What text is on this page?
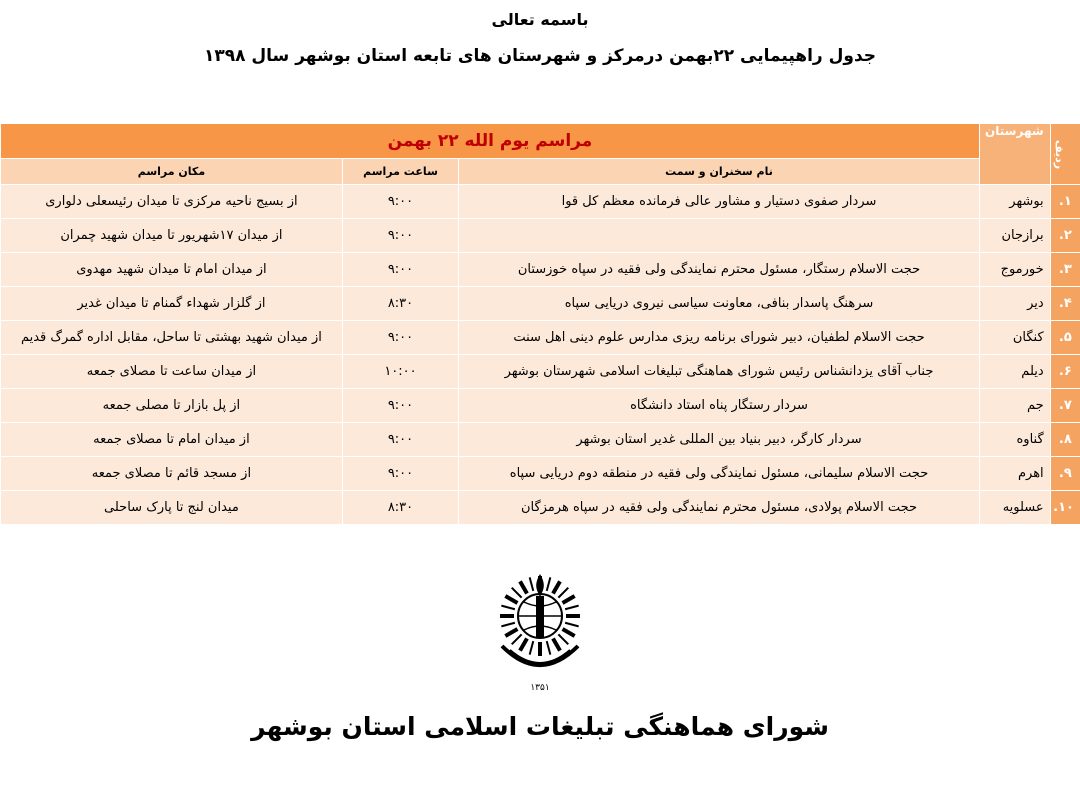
باسمه تعالی
جدول راهپیمایی ۲۲بهمن درمرکز و شهرستان های تابعه استان بوشهر سال ۱۳۹۸
ردیف	شهرستان	مراسم یوم الله ۲۲ بهمن		
		نام سخنران و سمت	ساعت مراسم	مکان مراسم
۱.	بوشهر	سردار صفوی دستیار و مشاور عالی فرمانده معظم کل قوا	۹:۰۰	از بسیج ناحیه مرکزی تا میدان رئیسعلی دلواری
۲.	برازجان		۹:۰۰	از میدان ۱۷شهریور تا میدان شهید چمران
۳.	خورموج	حجت الاسلام رستگار، مسئول محترم نمایندگی ولی فقیه در سپاه خوزستان	۹:۰۰	از میدان امام تا میدان شهید مهدوی
۴.	دیر	سرهنگ پاسدار بنافی، معاونت سیاسی نیروی دریایی سپاه	۸:۳۰	از گلزار شهداء گمنام تا میدان غدیر
۵.	کنگان	حجت الاسلام لطفیان، دبیر شورای برنامه ریزی مدارس علوم دینی اهل سنت	۹:۰۰	از میدان شهید بهشتی تا ساحل، مقابل اداره گمرگ قدیم
۶.	دیلم	جناب آقای یزدانشناس رئیس شورای هماهنگی تبلیغات اسلامی شهرستان بوشهر	۱۰:۰۰	از میدان ساعت تا مصلای جمعه
۷.	جم	سردار رستگار پناه استاد دانشگاه	۹:۰۰	از پل بازار تا مصلی جمعه
۸.	گناوه	سردار کارگر، دبیر بنیاد بین المللی غدیر استان بوشهر	۹:۰۰	از میدان امام تا مصلای جمعه
۹.	اهرم	حجت الاسلام سلیمانی، مسئول نمایندگی ولی فقیه در منطقه دوم دریایی سپاه	۹:۰۰	از مسجد قائم تا مصلای جمعه
۱۰.	عسلویه	حجت الاسلام پولادی، مسئول محترم نمایندگی ولی فقیه در سپاه هرمزگان	۸:۳۰	میدان لنج تا پارک ساحلی
۱۳۵۱
شورای هماهنگی تبلیغات اسلامی استان بوشهر
